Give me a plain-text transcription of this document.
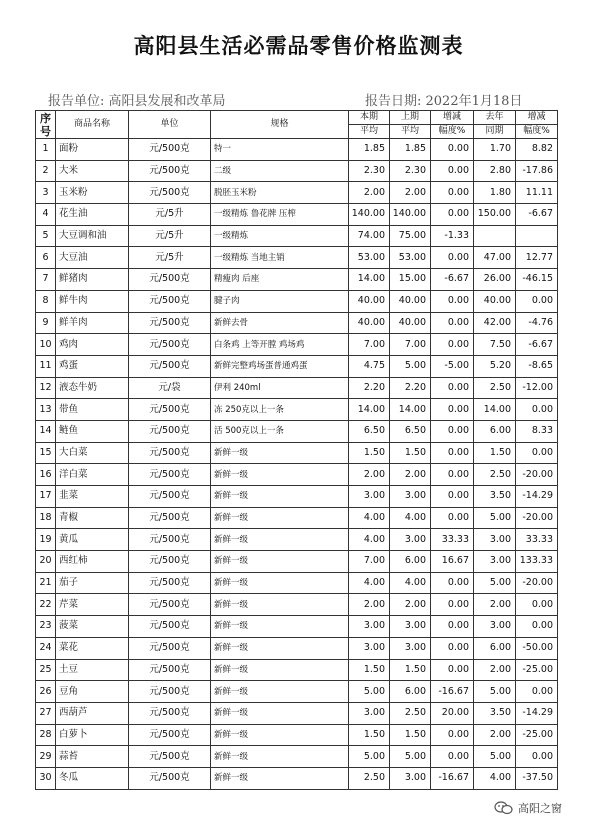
高阳县生活必需品零售价格监测表
报告单位: 高阳县发展和改革局	报告日期: 2022年1月18日
序
号	商品名称	单位	规格	本期	上期	增减	去年	增减
				平均	平均	幅度%	同期	幅度%
1	面粉	元/500克	特一	1.85	1.85	0.00	1.70	8.82
2	大米	元/500克	二级	2.30	2.30	0.00	2.80	-17.86
3	玉米粉	元/500克	脱胚玉米粉	2.00	2.00	0.00	1.80	11.11
4	花生油	元/5升	一级精炼 鲁花牌 压榨	140.00	140.00	0.00	150.00	-6.67
5	大豆调和油	元/5升	一级精炼	74.00	75.00	-1.33		
6	大豆油	元/5升	一级精炼 当地主销	53.00	53.00	0.00	47.00	12.77
7	鲜猪肉	元/500克	精瘦肉 后座	14.00	15.00	-6.67	26.00	-46.15
8	鲜牛肉	元/500克	腱子肉	40.00	40.00	0.00	40.00	0.00
9	鲜羊肉	元/500克	新鲜去骨	40.00	40.00	0.00	42.00	-4.76
10	鸡肉	元/500克	白条鸡 上等开膛 鸡场鸡	7.00	7.00	0.00	7.50	-6.67
11	鸡蛋	元/500克	新鲜完整鸡场蛋普通鸡蛋	4.75	5.00	-5.00	5.20	-8.65
12	液态牛奶	元/袋	伊利 240ml	2.20	2.20	0.00	2.50	-12.00
13	带鱼	元/500克	冻 250克以上一条	14.00	14.00	0.00	14.00	0.00
14	鲢鱼	元/500克	活 500克以上一条	6.50	6.50	0.00	6.00	8.33
15	大白菜	元/500克	新鲜一级	1.50	1.50	0.00	1.50	0.00
16	洋白菜	元/500克	新鲜一级	2.00	2.00	0.00	2.50	-20.00
17	韭菜	元/500克	新鲜一级	3.00	3.00	0.00	3.50	-14.29
18	青椒	元/500克	新鲜一级	4.00	4.00	0.00	5.00	-20.00
19	黄瓜	元/500克	新鲜一级	4.00	3.00	33.33	3.00	33.33
20	西红柿	元/500克	新鲜一级	7.00	6.00	16.67	3.00	133.33
21	茄子	元/500克	新鲜一级	4.00	4.00	0.00	5.00	-20.00
22	芹菜	元/500克	新鲜一级	2.00	2.00	0.00	2.00	0.00
23	菠菜	元/500克	新鲜一级	3.00	3.00	0.00	3.00	0.00
24	菜花	元/500克	新鲜一级	3.00	3.00	0.00	6.00	-50.00
25	土豆	元/500克	新鲜一级	1.50	1.50	0.00	2.00	-25.00
26	豆角	元/500克	新鲜一级	5.00	6.00	-16.67	5.00	0.00
27	西葫芦	元/500克	新鲜一级	3.00	2.50	20.00	3.50	-14.29
28	白萝卜	元/500克	新鲜一级	1.50	1.50	0.00	2.00	-25.00
29	蒜苔	元/500克	新鲜一级	5.00	5.00	0.00	5.00	0.00
30	冬瓜	元/500克	新鲜一级	2.50	3.00	-16.67	4.00	-37.50
高阳之窗
